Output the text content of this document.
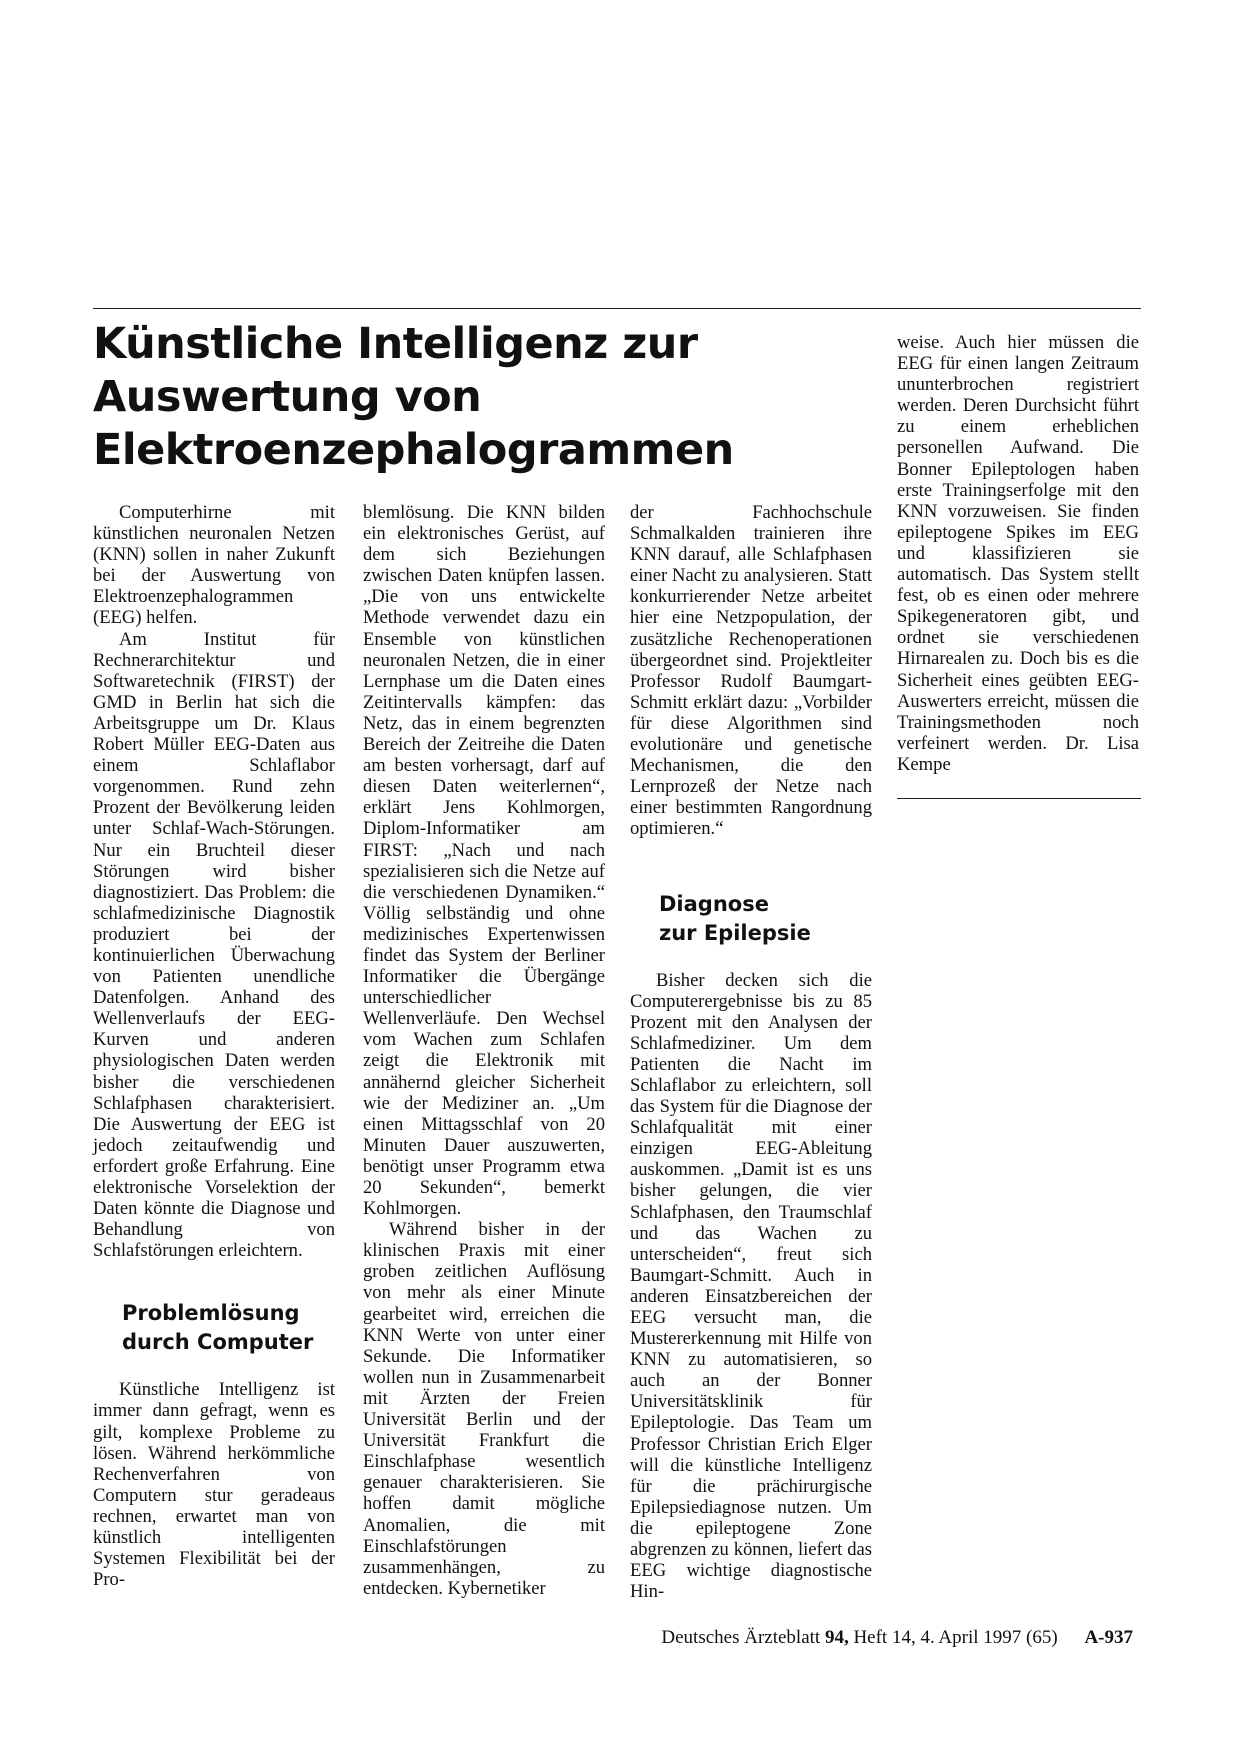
Künstliche Intelligenz zur Auswertung von Elektroenzephalogrammen

Computerhirne mit künstlichen neuronalen Netzen (KNN) sollen in naher Zukunft bei der Auswertung von Elektroenzephalogrammen (EEG) helfen.

Am Institut für Rechnerarchitektur und Softwaretechnik (FIRST) der GMD in Berlin hat sich die Arbeitsgruppe um Dr. Klaus Robert Müller EEG-Daten aus einem Schlaflabor vorgenommen. Rund zehn Prozent der Bevölkerung leiden unter Schlaf-Wach-Störungen. Nur ein Bruchteil dieser Störungen wird bisher diagnostiziert. Das Problem: die schlafmedizinische Diagnostik produziert bei der kontinuierlichen Überwachung von Patienten unendliche Datenfolgen. Anhand des Wellenverlaufs der EEG-Kurven und anderen physiologischen Daten werden bisher die verschiedenen Schlafphasen charakterisiert. Die Auswertung der EEG ist jedoch zeitaufwendig und erfordert große Erfahrung. Eine elektronische Vorselektion der Daten könnte die Diagnose und Behandlung von Schlafstörungen erleichtern.

Problemlösung durch Computer

Künstliche Intelligenz ist immer dann gefragt, wenn es gilt, komplexe Probleme zu lösen. Während herkömmliche Rechenverfahren von Computern stur geradeaus rechnen, erwartet man von künstlich intelligenten Systemen Flexibilität bei der Pro-

blemlösung. Die KNN bilden ein elektronisches Gerüst, auf dem sich Beziehungen zwischen Daten knüpfen lassen. „Die von uns entwickelte Methode verwendet dazu ein Ensemble von künstlichen neuronalen Netzen, die in einer Lernphase um die Daten eines Zeitintervalls kämpfen: das Netz, das in einem begrenzten Bereich der Zeitreihe die Daten am besten vorhersagt, darf auf diesen Daten weiterlernen“, erklärt Jens Kohlmorgen, Diplom-Informatiker am FIRST: „Nach und nach spezialisieren sich die Netze auf die verschiedenen Dynamiken.“ Völlig selbständig und ohne medizinisches Expertenwissen findet das System der Berliner Informatiker die Übergänge unterschiedlicher Wellenverläufe. Den Wechsel vom Wachen zum Schlafen zeigt die Elektronik mit annähernd gleicher Sicherheit wie der Mediziner an. „Um einen Mittagsschlaf von 20 Minuten Dauer auszuwerten, benötigt unser Programm etwa 20 Sekunden“, bemerkt Kohlmorgen.

Während bisher in der klinischen Praxis mit einer groben zeitlichen Auflösung von mehr als einer Minute gearbeitet wird, erreichen die KNN Werte von unter einer Sekunde. Die Informatiker wollen nun in Zusammenarbeit mit Ärzten der Freien Universität Berlin und der Universität Frankfurt die Einschlafphase wesentlich genauer charakterisieren. Sie hoffen damit mögliche Anomalien, die mit Einschlafstörungen zusammenhängen, zu entdecken. Kybernetiker

der Fachhochschule Schmalkalden trainieren ihre KNN darauf, alle Schlafphasen einer Nacht zu analysieren. Statt konkurrierender Netze arbeitet hier eine Netzpopulation, der zusätzliche Rechenoperationen übergeordnet sind. Projektleiter Professor Rudolf Baumgart-Schmitt erklärt dazu: „Vorbilder für diese Algorithmen sind evolutionäre und genetische Mechanismen, die den Lernprozeß der Netze nach einer bestimmten Rangordnung optimieren.“

Diagnose zur Epilepsie

Bisher decken sich die Computerergebnisse bis zu 85 Prozent mit den Analysen der Schlafmediziner. Um dem Patienten die Nacht im Schlaflabor zu erleichtern, soll das System für die Diagnose der Schlafqualität mit einer einzigen EEG-Ableitung auskommen. „Damit ist es uns bisher gelungen, die vier Schlafphasen, den Traumschlaf und das Wachen zu unterscheiden“, freut sich Baumgart-Schmitt. Auch in anderen Einsatzbereichen der EEG versucht man, die Mustererkennung mit Hilfe von KNN zu automatisieren, so auch an der Bonner Universitätsklinik für Epileptologie. Das Team um Professor Christian Erich Elger will die künstliche Intelligenz für die prächirurgische Epilepsiediagnose nutzen. Um die epileptogene Zone abgrenzen zu können, liefert das EEG wichtige diagnostische Hin-

weise. Auch hier müssen die EEG für einen langen Zeitraum ununterbrochen registriert werden. Deren Durchsicht führt zu einem erheblichen personellen Aufwand. Die Bonner Epileptologen haben erste Trainingserfolge mit den KNN vorzuweisen. Sie finden epileptogene Spikes im EEG und klassifizieren sie automatisch. Das System stellt fest, ob es einen oder mehrere Spikegeneratoren gibt, und ordnet sie verschiedenen Hirnarealen zu. Doch bis es die Sicherheit eines geübten EEG-Auswerters erreicht, müssen die Trainingsmethoden noch verfeinert werden. Dr. Lisa Kempe

Deutsches Ärzteblatt 94, Heft 14, 4. April 1997 (65) A-937
